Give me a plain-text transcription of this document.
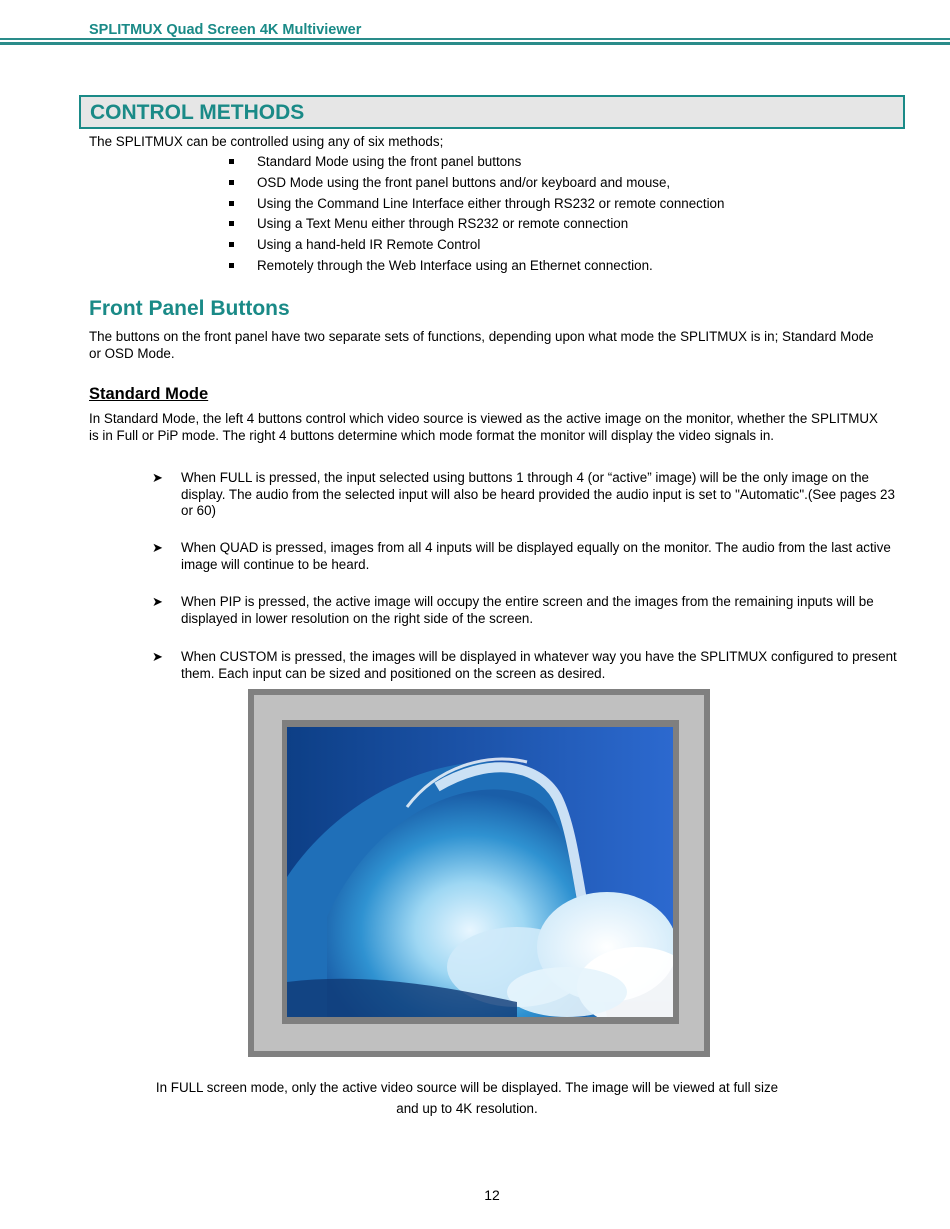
SPLITMUX Quad Screen 4K Multiviewer
CONTROL METHODS
The SPLITMUX can be controlled using any of six methods;
Standard Mode using the front panel buttons
OSD Mode using the front panel buttons and/or keyboard and mouse,
Using the Command Line Interface either through RS232 or remote connection
Using a Text Menu either through RS232 or remote connection
Using a hand-held IR Remote Control
Remotely through the Web Interface using an Ethernet connection.
Front Panel Buttons
The buttons on the front panel have two separate sets of functions, depending upon what mode the SPLITMUX is in; Standard Mode or OSD Mode.
Standard Mode
In Standard Mode, the left 4 buttons control which video source is viewed as the active image on the monitor, whether the SPLITMUX is in Full or PiP mode. The right 4 buttons determine which mode format the monitor will display the video signals in.
➤ When FULL is pressed, the input selected using buttons 1 through 4 (or “active” image) will be the only image on the display. The audio from the selected input will also be heard provided the audio input is set to "Automatic".(See pages 23 or 60)
➤ When QUAD is pressed, images from all 4 inputs will be displayed equally on the monitor. The audio from the last active image will continue to be heard.
➤ When PIP is pressed, the active image will occupy the entire screen and the images from the remaining inputs will be displayed in lower resolution on the right side of the screen.
➤ When CUSTOM is pressed, the images will be displayed in whatever way you have the SPLITMUX configured to present them. Each input can be sized and positioned on the screen as desired.
In FULL screen mode, only the active video source will be displayed. The image will be viewed at full size
and up to 4K resolution.
12
